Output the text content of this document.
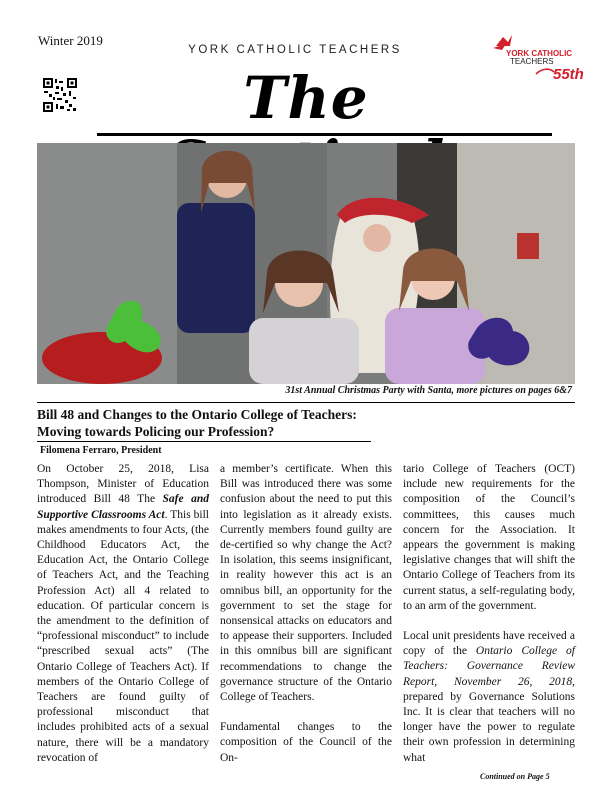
Winter 2019
YORK CATHOLIC TEACHERS
The
YORK CATHOLIC
TEACHERS
55th
31st Annual Christmas Party with Santa, more pictures on pages 6&7
Bill 48 and Changes to the Ontario College of Teachers:
Moving towards Policing our Profession?
Filomena Ferraro, President

On October 25, 2018, Lisa Thompson, Minister of Education introduced Bill 48 The Safe and Supportive Classrooms Act. This bill makes amendments to four Acts, (the Childhood Educators Act, the Education Act, the Ontario College of Teachers Act, and the Teaching Profession Act) all 4 related to education. Of particular concern is the amendment to the definition of “professional misconduct” to include “prescribed sexual acts” (The Ontario College of Teachers Act). If members of the Ontario College of Teachers are found guilty of professional misconduct that includes prohibited acts of a sexual nature, there will be a mandatory revocation of

a member’s certificate. When this Bill was introduced there was some confusion about the need to put this into legislation as it already exists. Currently members found guilty are de-certified so why change the Act? In isolation, this seems insignificant, in reality however this act is an omnibus bill, an opportunity for the government to set the stage for nonsensical attacks on educators and to appease their supporters. Included in this omnibus bill are significant recommendations to change the governance structure of the Ontario College of Teachers.

Fundamental changes to the composition of the Council of the On-

tario College of Teachers (OCT) include new requirements for the composition of the Council’s committees, this causes much concern for the Association. It appears the government is making legislative changes that will shift the Ontario College of Teachers from its current status, a self-regulating body, to an arm of the government.

Local unit presidents have received a copy of the Ontario College of Teachers: Governance Review Report, November 26, 2018, prepared by Governance Solutions Inc. It is clear that teachers will no longer have the power to regulate their own profession in determining what

Continued on Page 5
